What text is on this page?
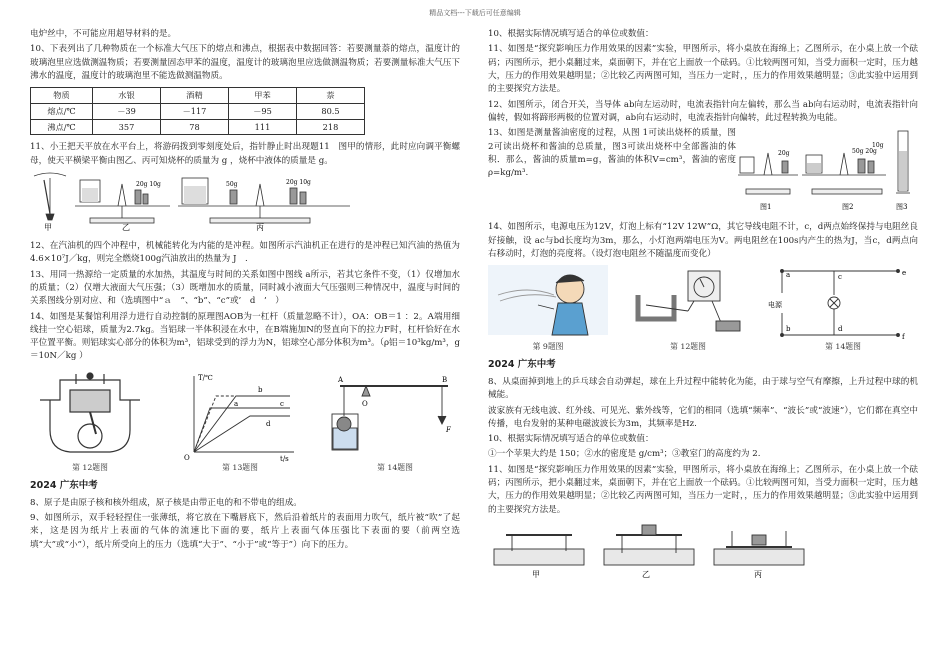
精品文档---下载后可任意编辑
电炉丝中，不可能应用超导材料的是。
10、下表列出了几种物质在一个标准大气压下的熔点和沸点，根据表中数据回答：若要测量萘的熔点，温度计的玻璃泡里应选做测温物质；若要测量固态甲苯的温度，温度计的玻璃泡里应选做测温物质；若要测量标准大气压下沸水的温度，温度计的玻璃泡里不能选做测温物质。
物质	水银	酒精	甲苯	萘
熔点/℃	－39	－117	－95	80.5
沸点/℃	357	78	111	218
11、小王把天平放在水平台上，将游码拨到零刻度处后，指针静止时出现题11　图甲的情形，此时应向调平衡螺母，使天平横梁平衡由图乙、丙可知烧杯的质量为 g ，烧杯中液体的质量是 g。
甲
20g 10g
乙
50g	20g 10g
丙
12、在汽油机的四个冲程中，机械能转化为内能的是冲程。如图所示汽油机正在进行的是冲程已知汽油的热值为4.6×10⁷J／kg，则完全燃烧100g汽油放出的热量为 J　.
13、用同一热源给一定质量的水加热，其温度与时间的关系如图中图线 a所示，若其它条件不变，（1）仅增加水的质量；（2）仅增大液面大气压强；（3）既增加水的质量，同时减小液面大气压强则三种情况中，温度与时间的关系图线分别对应、和（选填图中“ａ　”、“b”、“c”或’　d　’　）
14、如图是某餐馆利用浮力进行自动控制的原理图AOB为一杠杆（质量忽略不计），OA：OB＝1 ：2。A端用细线挂一空心铝球，质量为2.7kg。当铝球一半体积浸在水中，在B端施加N的竖直向下的拉力F时，杠杆恰好在水平位置平衡。则铝球实心部分的体积为m³，铝球受到的浮力为N，铝球空心部分体积为m³。（ρ铝＝10³kg/m³，g ＝10N／kg ）
第 12题图
T/℃
t/s
O
b
a	c
d
第 13题图
A
O
B
F
第 14题图
2024 广东中考
8、原子是由原子核和核外组成，原子核是由带正电的和不带电的组成。
9、如图所示，双手轻轻捏住一张薄纸，将它放在下嘴唇底下，然后沿着纸片的表面用力吹气，纸片被“吹”了起来，这是因为纸片上表面的气体的流速比下面的要，纸片上表面气体压强比下表面的要（前两空选填“大”或“小”），纸片所受向上的压力（选填“大于”、“小于”或“等于”）向下的压力。
10、根据实际情况填写适合的单位或数值：
11、如图是“探究影响压力作用效果的因素”实验，甲图所示，将小桌放在海绵上；乙图所示，在小桌上放一个砝码；丙图所示，把小桌翻过来，桌面朝下，并在它上面放一个砝码。①比较两图可知，当受力面积一定时，压力越大，压力的作用效果越明显；②比较乙丙两图可知，当压力一定时，，压力的作用效果越明显；③此实验中运用到的主要探究方法是。
12、如图所示，闭合开关，当导体 ab向左运动时，电流表指针向左偏转，那么当 ab向右运动时，电流表指针向偏转，假如将蹄形两极的位置对调，ab向右运动时，电流表指针向偏转，此过程转换为电能。
13、如图是测量酱油密度的过程，从图 1可读出烧杯的质量，图2可读出烧杯和酱油的总质量，图3可读出烧杯中全部酱油的体积．那么，酱油的质量m=g，酱油的体积V=cm³，酱油的密度ρ=kg/m³.
20g	50g 20g
10g
图1	图2	图3
14、如图所示，电源电压为12V，灯泡上标有“12V 12W”Ω，其它导线电阻不计，c，d两点始终保持与电阻丝良好接触，设 ac与bd长度均为3m，那么，小灯泡两端电压为V。两电阻丝在100s内产生的热为J，当c，d两点向右移动时，灯泡的亮度将。（设灯泡电阻丝不随温度而变化）
第 9题图	第 12题图
a
b
c
d
e
f
电源
第 14题图
2024 广东中考
8、从桌面掉到地上的乒乓球会自动弹起，球在上升过程中能转化为能，由于球与空气有摩擦，上升过程中球的机械能。
波家族有无线电波、红外线、可见光、紫外线等，它们的相同（选填“频率”、“波长”或“波速”），它们都在真空中传播，电台发射的某种电磁波波长为3m，其频率是Hz.
10、根据实际情况填写适合的单位或数值：
①一个苹果大约是 150；②水的密度是 g/cm³；③教室门的高度约为 2.
11、如图是“探究影响压力作用效果的因素”实验，甲图所示，将小桌放在海绵上；乙图所示，在小桌上放一个砝码；丙图所示，把小桌翻过来，桌面朝下，并在它上面放一个砝码。①比较两图可知，当受力面积一定时，压力越大，压力的作用效果越明显；②比较乙丙两图可知，当压力一定时，，压力的作用效果越明显；③此实验中运用到的主要探究方法是。
甲	乙	丙
